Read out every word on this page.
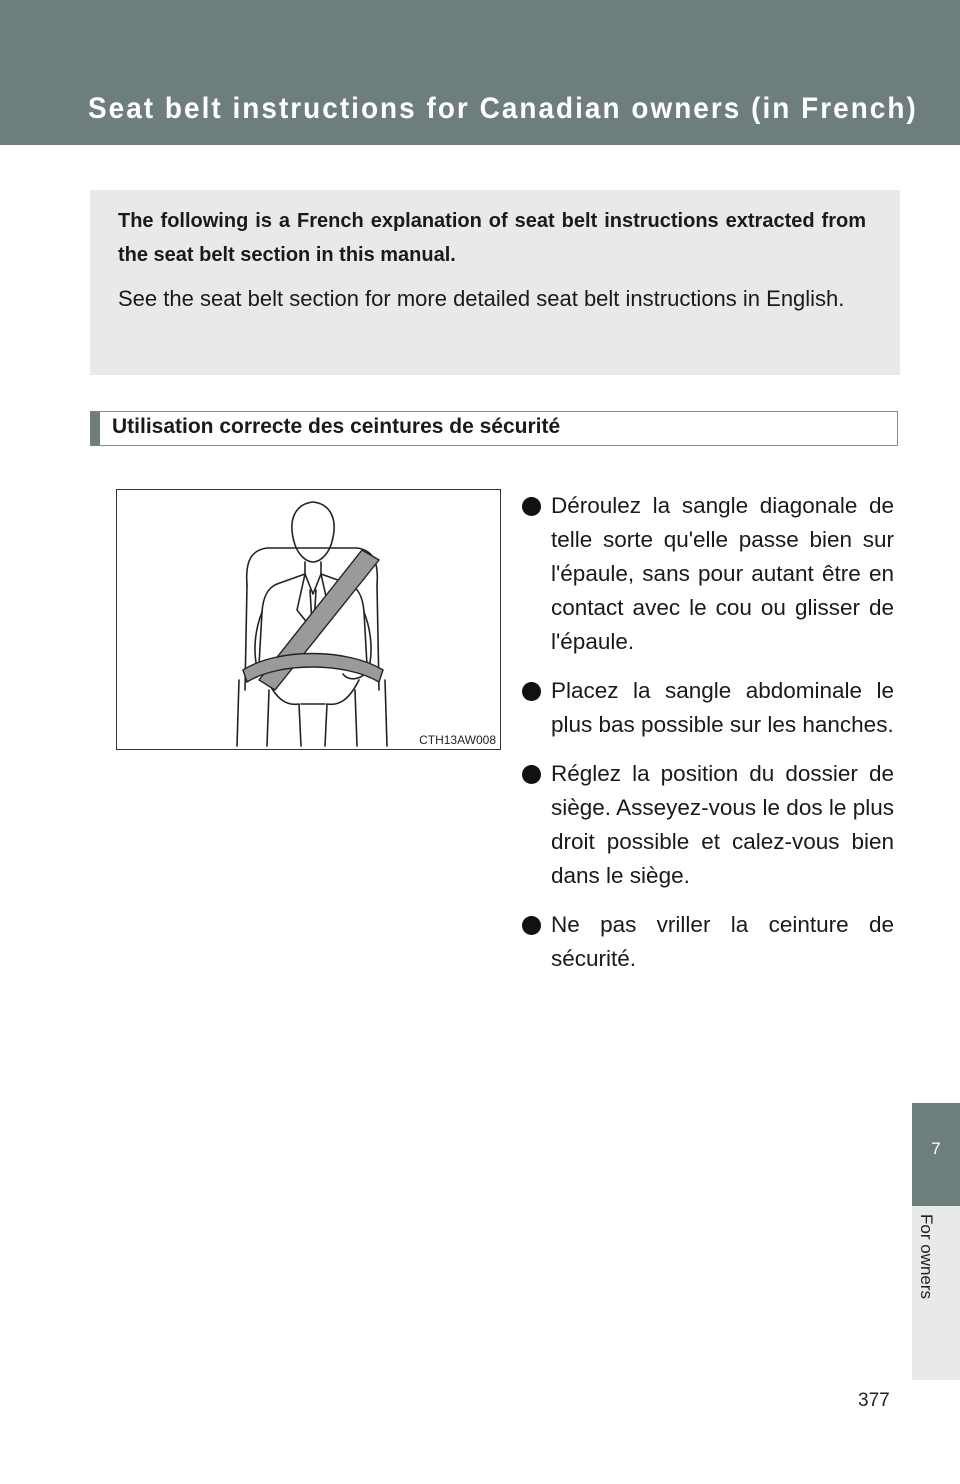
Seat belt instructions for Canadian owners (in French)
The following is a French explanation of seat belt instructions extracted from the seat belt section in this manual.
See the seat belt section for more detailed seat belt instructions in English.
Utilisation correcte des ceintures de sécurité
CTH13AW008
Déroulez la sangle diagonale de telle sorte qu'elle passe bien sur l'épaule, sans pour autant être en contact avec le cou ou glisser de l'épaule.
Placez la sangle abdominale le plus bas possible sur les hanches.
Réglez la position du dossier de siège. Asseyez-vous le dos le plus droit possible et calez-vous bien dans le siège.
Ne pas vriller la ceinture de sécurité.
7
For owners
377
